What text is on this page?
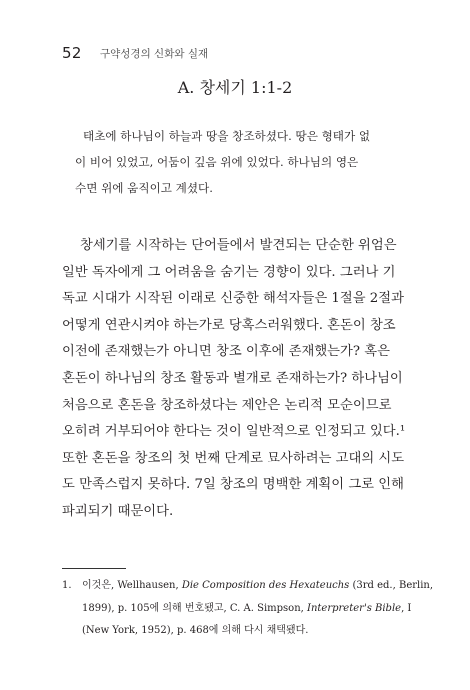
52 구약성경의 신화와 실재
A. 창세기 1:1-2
태초에 하나님이 하늘과 땅을 창조하셨다. 땅은 형태가 없
이 비어 있었고, 어둠이 깊음 위에 있었다. 하나님의 영은
수면 위에 움직이고 계셨다.
창세기를 시작하는 단어들에서 발견되는 단순한 위엄은
일반 독자에게 그 어려움을 숨기는 경향이 있다. 그러나 기
독교 시대가 시작된 이래로 신중한 해석자들은 1절을 2절과
어떻게 연관시켜야 하는가로 당혹스러워했다. 혼돈이 창조
이전에 존재했는가 아니면 창조 이후에 존재했는가? 혹은
혼돈이 하나님의 창조 활동과 별개로 존재하는가? 하나님이
처음으로 혼돈을 창조하셨다는 제안은 논리적 모순이므로
오히려 거부되어야 한다는 것이 일반적으로 인정되고 있다.¹
또한 혼돈을 창조의 첫 번째 단계로 묘사하려는 고대의 시도
도 만족스럽지 못하다. 7일 창조의 명백한 계획이 그로 인해
파괴되기 때문이다.
1. 이것은, Wellhausen, Die Composition des Hexateuchs (3rd ed., Berlin,
1899), p. 105에 의해 번호됐고, C. A. Simpson, Interpreter's Bible, I
(New York, 1952), p. 468에 의해 다시 채택됐다.
